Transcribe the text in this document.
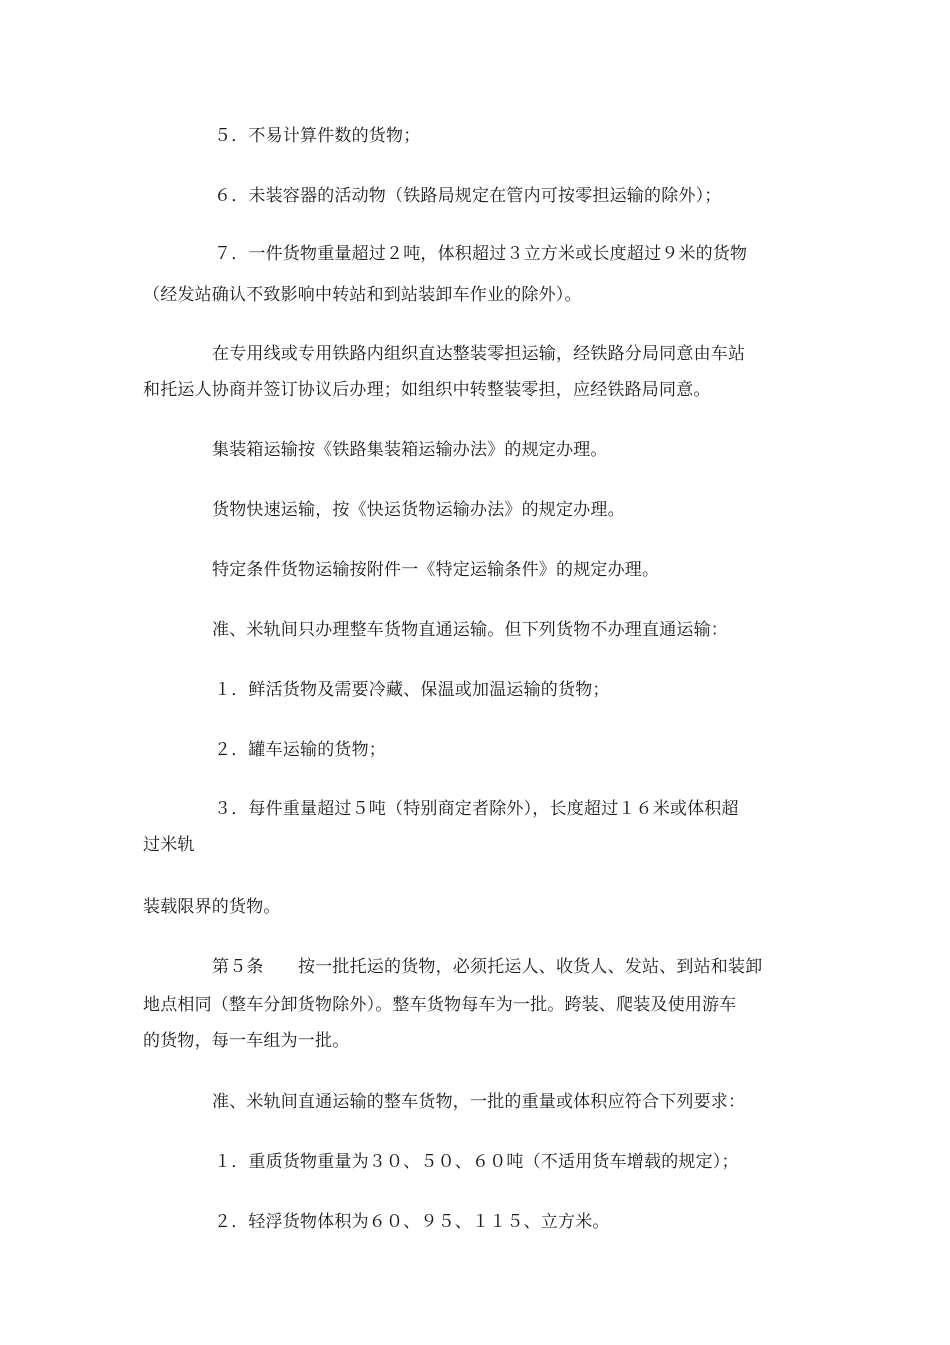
５．不易计算件数的货物；
６．未装容器的活动物（铁路局规定在管内可按零担运输的除外）；
７．一件货物重量超过２吨，体积超过３立方米或长度超过９米的货物
（经发站确认不致影响中转站和到站装卸车作业的除外）。
在专用线或专用铁路内组织直达整装零担运输，经铁路分局同意由车站
和托运人协商并签订协议后办理；如组织中转整装零担，应经铁路局同意。
集装箱运输按《铁路集装箱运输办法》的规定办理。
货物快速运输，按《快运货物运输办法》的规定办理。
特定条件货物运输按附件一《特定运输条件》的规定办理。
准、米轨间只办理整车货物直通运输。但下列货物不办理直通运输：
１．鲜活货物及需要冷藏、保温或加温运输的货物；
２．罐车运输的货物；
３．每件重量超过５吨（特别商定者除外），长度超过１６米或体积超
过米轨
装载限界的货物。
第５条　　按一批托运的货物，必须托运人、收货人、发站、到站和装卸
地点相同（整车分卸货物除外）。整车货物每车为一批。跨装、爬装及使用游车
的货物，每一车组为一批。
准、米轨间直通运输的整车货物，一批的重量或体积应符合下列要求：
１．重质货物重量为３０、５０、６０吨（不适用货车增载的规定）；
２．轻浮货物体积为６０、９５、１１５、立方米。
